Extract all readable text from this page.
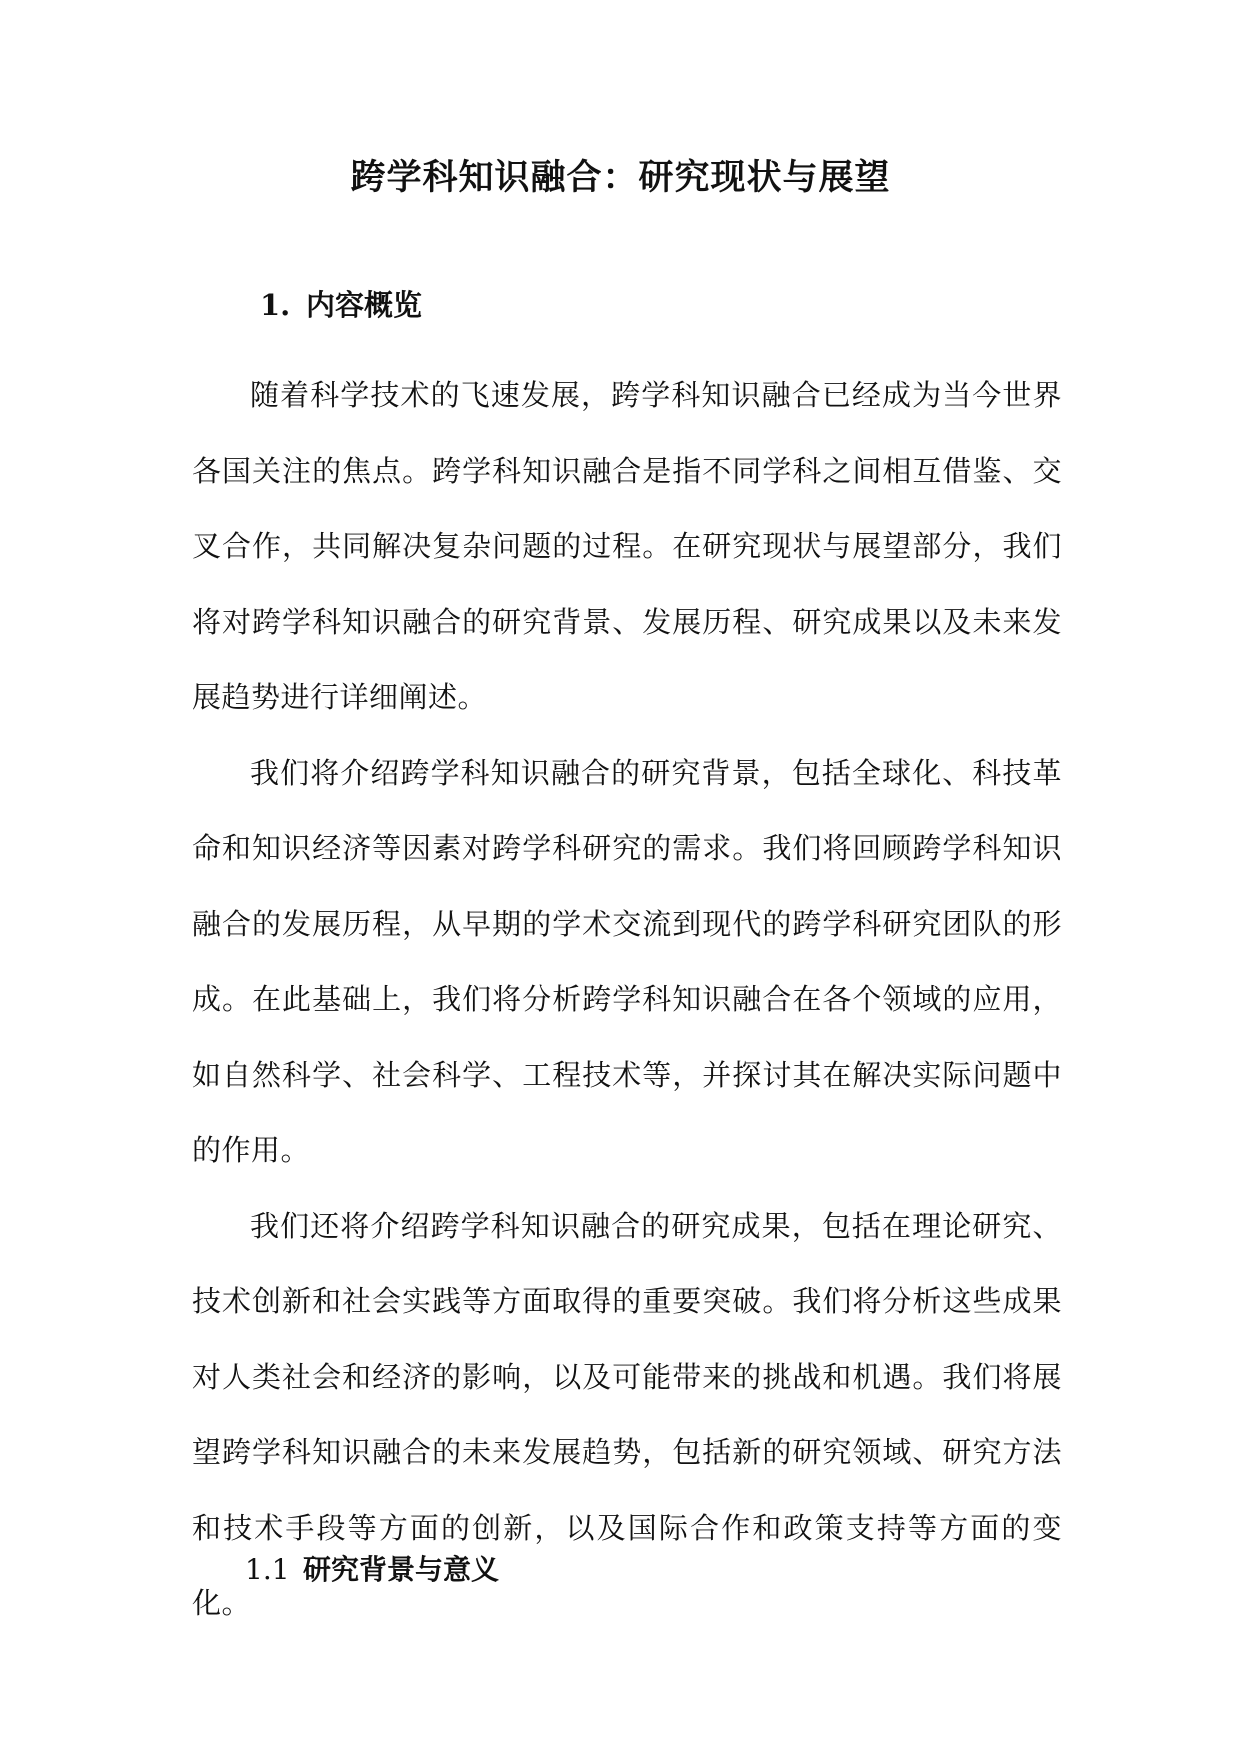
跨学科知识融合：研究现状与展望
1. 内容概览

随着科学技术的飞速发展，跨学科知识融合已经成为当今世界各国关注的焦点。跨学科知识融合是指不同学科之间相互借鉴、交叉合作，共同解决复杂问题的过程。在研究现状与展望部分，我们将对跨学科知识融合的研究背景、发展历程、研究成果以及未来发展趋势进行详细阐述。

我们将介绍跨学科知识融合的研究背景，包括全球化、科技革命和知识经济等因素对跨学科研究的需求。我们将回顾跨学科知识融合的发展历程，从早期的学术交流到现代的跨学科研究团队的形成。在此基础上，我们将分析跨学科知识融合在各个领域的应用，如自然科学、社会科学、工程技术等，并探讨其在解决实际问题中的作用。

我们还将介绍跨学科知识融合的研究成果，包括在理论研究、技术创新和社会实践等方面取得的重要突破。我们将分析这些成果对人类社会和经济的影响，以及可能带来的挑战和机遇。我们将展望跨学科知识融合的未来发展趋势，包括新的研究领域、研究方法和技术手段等方面的创新，以及国际合作和政策支持等方面的变化。

1.1 研究背景与意义
